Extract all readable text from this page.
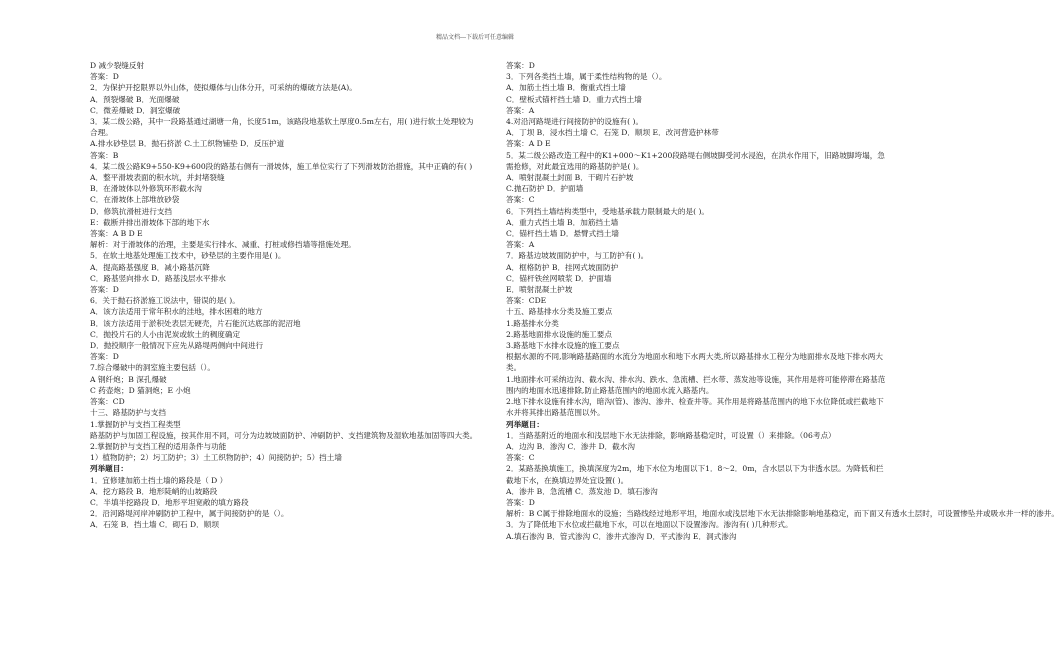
精品文档---下载后可任意编辑
D 减少裂缝反射
答案：D
2．为保护开挖限界以外山体，使拟爆体与山体分开，可采纳的爆破方法是(A)。
A．预裂爆破 B．光面爆破
C．微差爆破 D．洞室爆破
3．某二级公路，其中一段路基通过湖塘一角，长度51m，该路段地基软土厚度0.5m左右，用( )进行软土处理较为合理。
A.排水砂垫层 B．抛石挤淤 C.土工织物铺垫 D．反压护道
答案：B
4．某二级公路K9+550-K9+600段的路基右侧有一滑坡体，施工单位实行了下列滑坡防治措施，其中正确的有( )
A．整平滑坡表面的积水坑，并封堵裂缝
B．在滑坡体以外修筑环形截水沟
C．在滑坡体上部堆放砂袋
D．修筑抗滑桩进行支挡
E：截断并排出滑坡体下部的地下水
答案：A B D E
解析：对于滑坡体的治理，主要是实行排水、减重、打桩或修挡墙等措施处理。
5．在软土地基处理施工技术中，砂垫层的主要作用是( )。
A．提高路基强度 B．减小路基沉降
C．路基竖向排水 D．路基浅层水平排水
答案：D
6．关于抛石挤淤施工说法中，错误的是( )。
A．该方法适用于常年积水的洼地，排水困难的地方
B．该方法适用于淤积处表层无硬壳，片石能沉达底部的泥沼地
C．抛投片石的人小由泥炭或软土的稠度确定
D．抛投顺序一般情况下应先从路堤两侧向中间进行
答案：D
7.综合爆破中的洞室施主要包括（）。
A 钢纤炮；B 深孔爆破
C 药壶炮；D 猫洞炮；E 小炮
答案：CD
十三、路基防护与支挡
1.掌握防护与支挡工程类型
路基防护与加固工程设施，按其作用不同，可分为边坡坡面防护、冲刷防护、支挡建筑物及湿软地基加固等四大类。
2.掌握防护与支挡工程的适用条件与功能
1）植物防护；2）圬工防护；3）土工织物防护；4）间接防护；5）挡土墙
列举题目：
1．宜修建加筋土挡土墙的路段是（ D ）
A．挖方路段 B．地形陡峭的山坡路段
C．半填半挖路段 D．地形平坦宽敞的填方路段
2．沿河路堤河岸冲刷防护工程中，属于间接防护的是（）。
A．石笼 B．挡土墙 C．砌石 D．顺坝
答案：D
3．下列各类挡土墙，属于柔性结构物的是（）。
A．加筋土挡土墙 B．衡重式挡土墙
C．壁板式锚杆挡土墙 D．重力式挡土墙
答案：A
4.对沿河路堤进行间接防护的设施有( )。
A．丁坝 B．浸水挡土墙 C．石笼 D．顺坝 E．改河营造护林带
答案：A D E
5．某二级公路改造工程中的K1+000～K1+200段路堤右侧坡脚受河水浸泡，在洪水作用下，旧路坡脚垮塌，急需抢修，对此最宜选用的路基防护是( )。
A．喷射混凝土封面 B．干砌片石护坡
C.抛石防护 D．护面墙
答案：C
6．下列挡土墙结构类型中，受地基承载力限制最大的是( )。
A．重力式挡土墙 B．加筋挡土墙
C．锚杆挡土墙 D．悬臂式挡土墙
答案：A
7．路基边坡坡面防护中，与工防护有( )。
A．框格防护 B．挂网式坡面防护
C．锚杆铁丝网喷浆 D．护面墙
E．喷射混凝土护坡
答案：CDE
十五、路基排水分类及施工要点
1.路基排水分类
2.路基地面排水设施的施工要点
3.路基地下水排水设施的施工要点
根据水源的不同,影响路基路面的水流分为地面水和地下水两大类,所以路基排水工程分为地面排水及地下排水两大类。
1.地面排水可采纳边沟、截水沟、排水沟、跌水、急流槽、拦水带、蒸发池等设施，其作用是将可能停滞在路基范围内的地面水迅速排除,防止路基范围内的地面水流入路基内。
2.地下排水设施有排水沟，暗沟(管)、渗沟、渗井、检查井等。其作用是将路基范围内的地下水位降低或拦截地下水并将其排出路基范围以外。
列举题目：
1．当路基附近的地面水和浅层地下水无法排除，影响路基稳定时，可设置（）来排除。（06考点）
A．边沟 B．渗沟 C．渗井 D．截水沟
答案：C
2．某路基换填施工，换填深度为2m，地下水位为地面以下1．8～2．0m，含水层以下为非透水层。为降低和拦截地下水，在换填边界处宜设置( )。
A．渗井 B．急流槽 C．蒸发池 D．填石渗沟
答案：D
解析：B C属于排除地面水的设施；当路线经过地形平坦，地面水或浅层地下水无法排除影响地基稳定，而下面又有透水土层时，可设置惨坠井或吸水井一样的渗井。
3．为了降低地下水位或拦截地下水，可以在地面以下设置渗沟。渗沟有( )几种形式。
A.填石渗沟 B．管式渗沟 C．渗井式渗沟 D．平式渗沟 E．洞式渗沟
